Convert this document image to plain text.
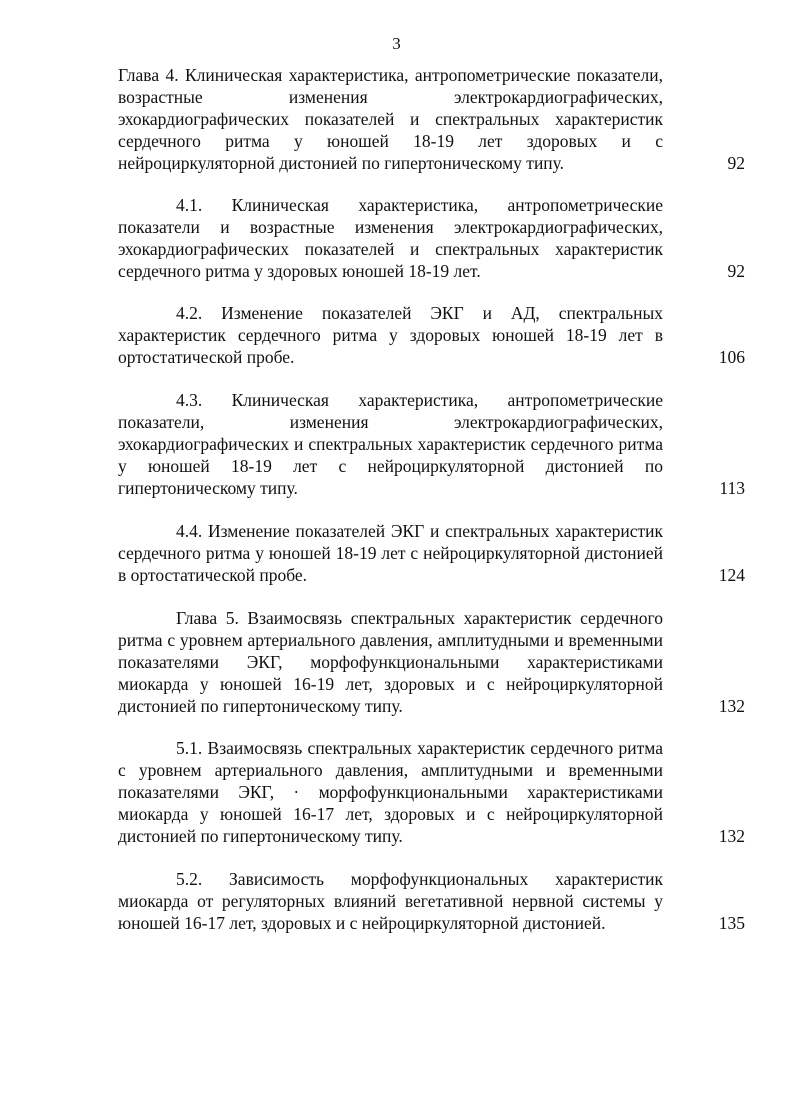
3
Глава 4. Клиническая характеристика, антропометрические показатели, возрастные изменения электрокардиографических, эхокардиографических показателей и спектральных характеристик сердечного ритма у юношей 18-19 лет здоровых и с нейроциркуляторной дистонией по гипертоническому типу.	92
4.1. Клиническая характеристика, антропометрические показатели и возрастные изменения электрокардиографических, эхокардиографических показателей и спектральных характеристик сердечного ритма у здоровых юношей 18-19 лет.	92
4.2. Изменение показателей ЭКГ и АД, спектральных характеристик сердечного ритма у здоровых юношей 18-19 лет в ортостатической пробе.	106
4.3. Клиническая характеристика, антропометрические показатели, изменения электрокардиографических, эхокардиографических и спектральных характеристик сердечного ритма у юношей 18-19 лет с нейроциркуляторной дистонией по гипертоническому типу.	113
4.4. Изменение показателей ЭКГ и спектральных характеристик сердечного ритма у юношей 18-19 лет с нейроциркуляторной дистонией в ортостатической пробе.	124
Глава 5. Взаимосвязь спектральных характеристик сердечного ритма с уровнем артериального давления, амплитудными и временными показателями ЭКГ, морфофункциональными характеристиками миокарда у юношей 16-19 лет, здоровых и с нейроциркуляторной дистонией по гипертоническому типу.	132
5.1. Взаимосвязь спектральных характеристик сердечного ритма с уровнем артериального давления, амплитудными и временными показателями ЭКГ, · морфофункциональными характеристиками миокарда у юношей 16-17 лет, здоровых и с нейроциркуляторной дистонией по гипертоническому типу.	132
5.2. Зависимость морфофункциональных характеристик миокарда от регуляторных влияний вегетативной нервной системы у юношей 16-17 лет, здоровых и с нейроциркуляторной дистонией.	135
